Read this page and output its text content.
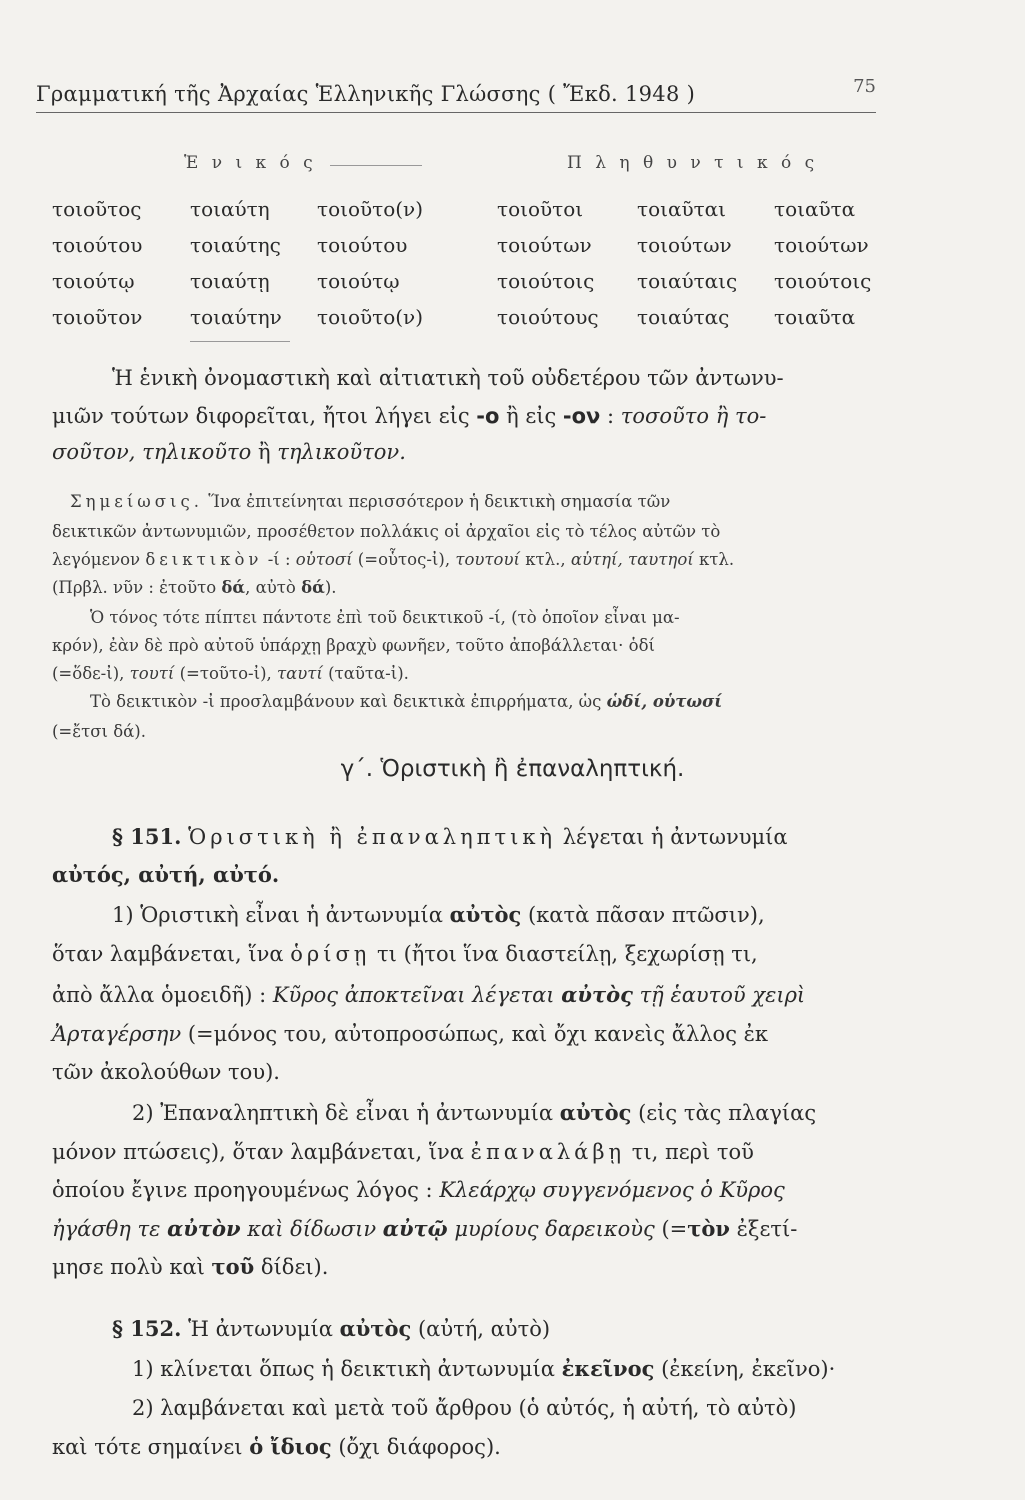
Γραμματική τῆς Ἀρχαίας Ἑλληνικῆς Γλώσσης ( Ἔκδ. 1948 )	75
Ἑ ν ι κ ό ς	Π λ η θ υ ν τ ι κ ό ς
τοιοῦτος τοιαύτη τοιοῦτο(ν)	τοιοῦτοι	τοιαῦται τοιαῦτα
τοιούτου τοιαύτης τοιούτου	τοιούτων τοιούτων τοιούτων
τοιούτῳ	τοιαύτῃ τοιούτῳ	τοιούτοις τοιαύταις τοιούτοις
τοιοῦτον τοιαύτην τοιοῦτο(ν)	τοιούτους τοιαύτας τοιαῦτα

Ἡ ἑνικὴ ὀνομαστικὴ καὶ αἰτιατικὴ τοῦ οὐδετέρου τῶν ἀντωνυ-

μιῶν τούτων διφορεῖται, ἤτοι λήγει εἰς -ο ἢ εἰς -ον : τοσοῦτο ἢ το-

σοῦτον, τηλικοῦτο ἢ τηλικοῦτον.

Σημείωσις. Ἵνα ἐπιτείνηται περισσότερον ἡ δεικτικὴ σημασία τῶν

δεικτικῶν ἀντωνυμιῶν, προσέθετον πολλάκις οἱ ἀρχαῖοι εἰς τὸ τέλος αὐτῶν τὸ

λεγόμενον δεικτικὸν -ί : οὑτοσί (=οὗτος-ἰ), τουτουί κτλ., αὑτηί, ταυτηοί κτλ.

(Πρβλ. νῦν : ἐτοῦτο δά, αὐτὸ δά).

Ὁ τόνος τότε πίπτει πάντοτε ἐπὶ τοῦ δεικτικοῦ -ί, (τὸ ὁποῖον εἶναι μα-

κρόν), ἐὰν δὲ πρὸ αὐτοῦ ὑπάρχῃ βραχὺ φωνῆεν, τοῦτο ἀποβάλλεται· ὁδί

(=ὅδε-ἰ), τουτί (=τοῦτο-ἰ), ταυτί (ταῦτα-ἰ).

Τὸ δεικτικὸν -ἰ προσλαμβάνουν καὶ δεικτικὰ ἐπιρρήματα, ὡς ὡδί, οὑτωσί

(=ἔτσι δά).

γ΄. Ὁριστικὴ ἢ ἐπαναληπτική.

§ 151. Ὁριστικὴ ἢ ἐπαναληπτικὴ λέγεται ἡ ἀντωνυμία

αὐτός, αὐτή, αὐτό.

1) Ὁριστικὴ εἶναι ἡ ἀντωνυμία αὐτὸς (κατὰ πᾶσαν πτῶσιν),

ὅταν λαμβάνεται, ἵνα ὁρίσῃ τι (ἤτοι ἵνα διαστείλῃ, ξεχωρίσῃ τι,

ἀπὸ ἄλλα ὁμοειδῆ) : Κῦρος ἀποκτεῖναι λέγεται αὐτὸς τῇ ἑαυτοῦ χειρὶ

Ἀρταγέρσην (=μόνος του, αὐτοπροσώπως, καὶ ὄχι κανεὶς ἄλλος ἐκ

τῶν ἀκολούθων του).

2) Ἐπαναληπτικὴ δὲ εἶναι ἡ ἀντωνυμία αὐτὸς (εἰς τὰς πλαγίας

μόνον πτώσεις), ὅταν λαμβάνεται, ἵνα ἐπαναλάβῃ τι, περὶ τοῦ

ὁποίου ἔγινε προηγουμένως λόγος : Κλεάρχῳ συγγενόμενος ὁ Κῦρος

ἠγάσθη τε αὐτὸν καὶ δίδωσιν αὐτῷ μυρίους δαρεικοὺς (=τὸν ἐξετί-

μησε πολὺ καὶ τοῦ δίδει).

§ 152. Ἡ ἀντωνυμία αὐτὸς (αὐτή, αὐτὸ)

1) κλίνεται ὅπως ἡ δεικτικὴ ἀντωνυμία ἐκεῖνος (ἐκείνη, ἐκεῖνο)·

2) λαμβάνεται καὶ μετὰ τοῦ ἄρθρου (ὁ αὐτός, ἡ αὐτή, τὸ αὐτὸ)

καὶ τότε σημαίνει ὁ ἴδιος (ὄχι διάφορος).
